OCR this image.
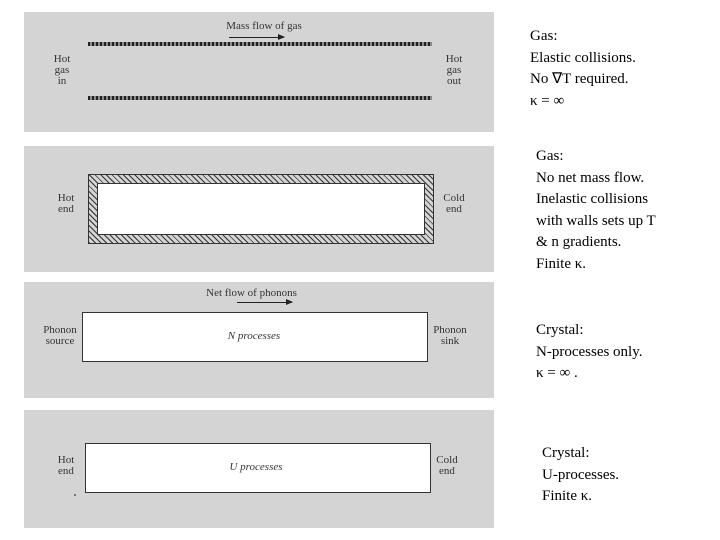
Mass flow of gas
Hot
gas
in
Hot
gas
out
Gas:
Elastic collisions.
No ∇T required.
κ = ∞
Hot
end
Cold
end
Gas:
No net mass flow.
Inelastic collisions
with walls sets up T
& n gradients.
Finite κ.
Net flow of phonons
N processes
Phonon
source
Phonon
sink
Crystal:
N-processes only.
κ = ∞ .
U processes
Hot
end
Cold
end
Crystal:
U-processes.
Finite κ.
